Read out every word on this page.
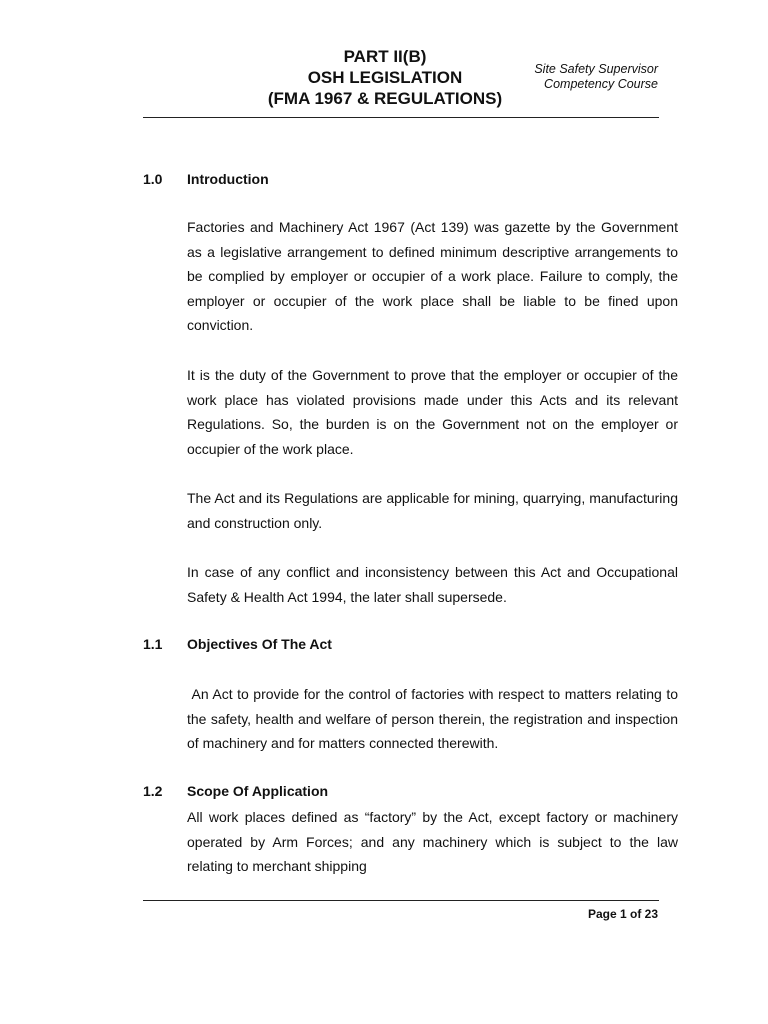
PART II(B)
OSH LEGISLATION
(FMA 1967 & REGULATIONS)
Site Safety Supervisor
Competency Course
1.0 Introduction

Factories and Machinery Act 1967 (Act 139) was gazette by the Government as a legislative arrangement to defined minimum descriptive arrangements to be complied by employer or occupier of a work place. Failure to comply, the employer or occupier of the work place shall be liable to be fined upon conviction.

It is the duty of the Government to prove that the employer or occupier of the work place has violated provisions made under this Acts and its relevant Regulations. So, the burden is on the Government not on the employer or occupier of the work place.

The Act and its Regulations are applicable for mining, quarrying, manufacturing and construction only.

In case of any conflict and inconsistency between this Act and Occupational Safety & Health Act 1994, the later shall supersede.

1.1 Objectives Of The Act

An Act to provide for the control of factories with respect to matters relating to the safety, health and welfare of person therein, the registration and inspection of machinery and for matters connected therewith.

1.2 Scope Of Application

All work places defined as “factory” by the Act, except factory or machinery operated by Arm Forces; and any machinery which is subject to the law relating to merchant shipping

Page 1 of 23
